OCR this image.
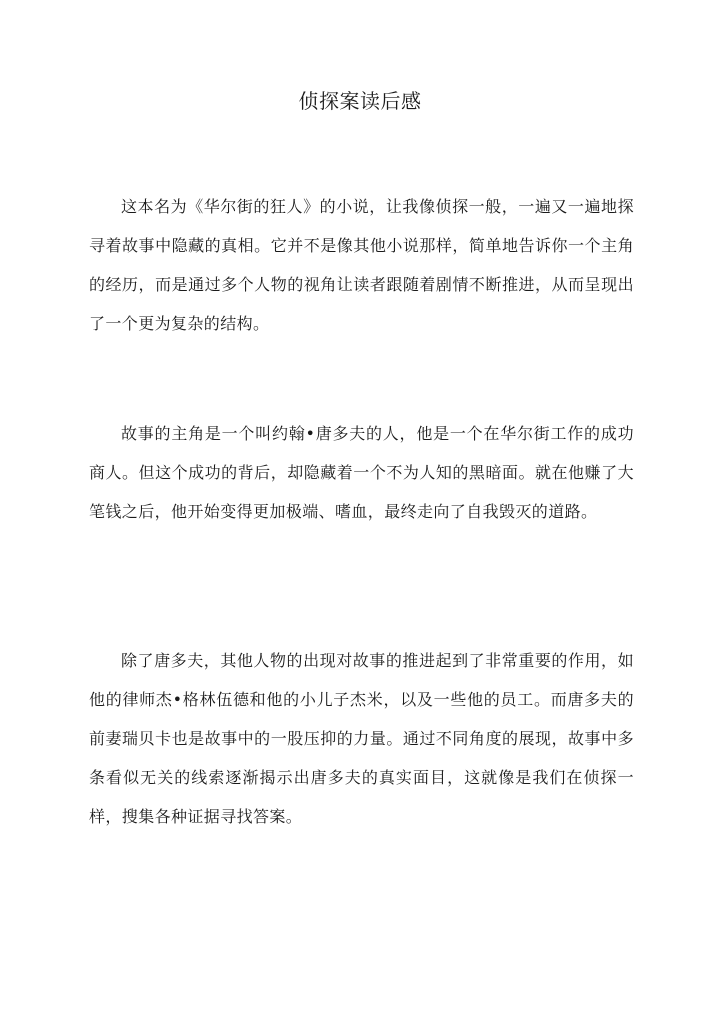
侦探案读后感

这本名为《华尔街的狂人》的小说，让我像侦探一般，一遍又一遍地探寻着故事中隐藏的真相。它并不是像其他小说那样，简单地告诉你一个主角的经历，而是通过多个人物的视角让读者跟随着剧情不断推进，从而呈现出了一个更为复杂的结构。

故事的主角是一个叫约翰•唐多夫的人，他是一个在华尔街工作的成功商人。但这个成功的背后，却隐藏着一个不为人知的黑暗面。就在他赚了大笔钱之后，他开始变得更加极端、嗜血，最终走向了自我毁灭的道路。

除了唐多夫，其他人物的出现对故事的推进起到了非常重要的作用，如他的律师杰•格林伍德和他的小儿子杰米，以及一些他的员工。而唐多夫的前妻瑞贝卡也是故事中的一股压抑的力量。通过不同角度的展现，故事中多条看似无关的线索逐渐揭示出唐多夫的真实面目，这就像是我们在侦探一样，搜集各种证据寻找答案。
